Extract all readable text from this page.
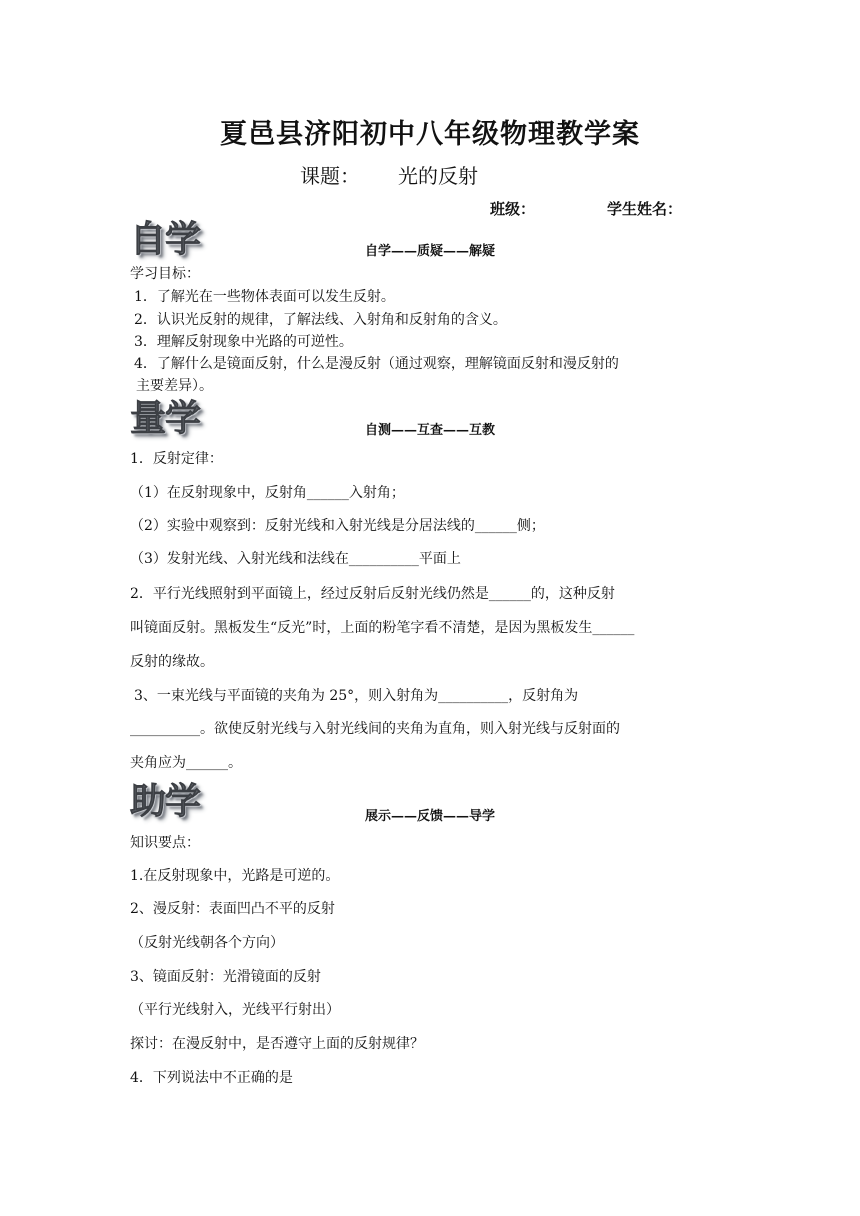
夏邑县济阳初中八年级物理教学案
课题： 光的反射
班级：	学生姓名：
自学	自学——质疑——解疑
学习目标：
1．了解光在一些物体表面可以发生反射。
2．认识光反射的规律，了解法线、入射角和反射角的含义。
3．理解反射现象中光路的可逆性。
4．了解什么是镜面反射，什么是漫反射（通过观察，理解镜面反射和漫反射的
主要差异）。
量学	自测——互查——互教
1．反射定律：
（1）在反射现象中，反射角______入射角；
（2）实验中观察到：反射光线和入射光线是分居法线的______侧；
（3）发射光线、入射光线和法线在__________平面上
2．平行光线照射到平面镜上，经过反射后反射光线仍然是______的，这种反射
叫镜面反射。黑板发生“反光”时，上面的粉笔字看不清楚，是因为黑板发生______
反射的缘故。
3、一束光线与平面镜的夹角为 25°，则入射角为__________，反射角为
__________。欲使反射光线与入射光线间的夹角为直角，则入射光线与反射面的
夹角应为______。
助学	展示——反馈——导学
知识要点：
1.在反射现象中，光路是可逆的。
2、漫反射：表面凹凸不平的反射
（反射光线朝各个方向）
3、镜面反射：光滑镜面的反射
（平行光线射入，光线平行射出）
探讨：在漫反射中，是否遵守上面的反射规律？
4．下列说法中不正确的是
